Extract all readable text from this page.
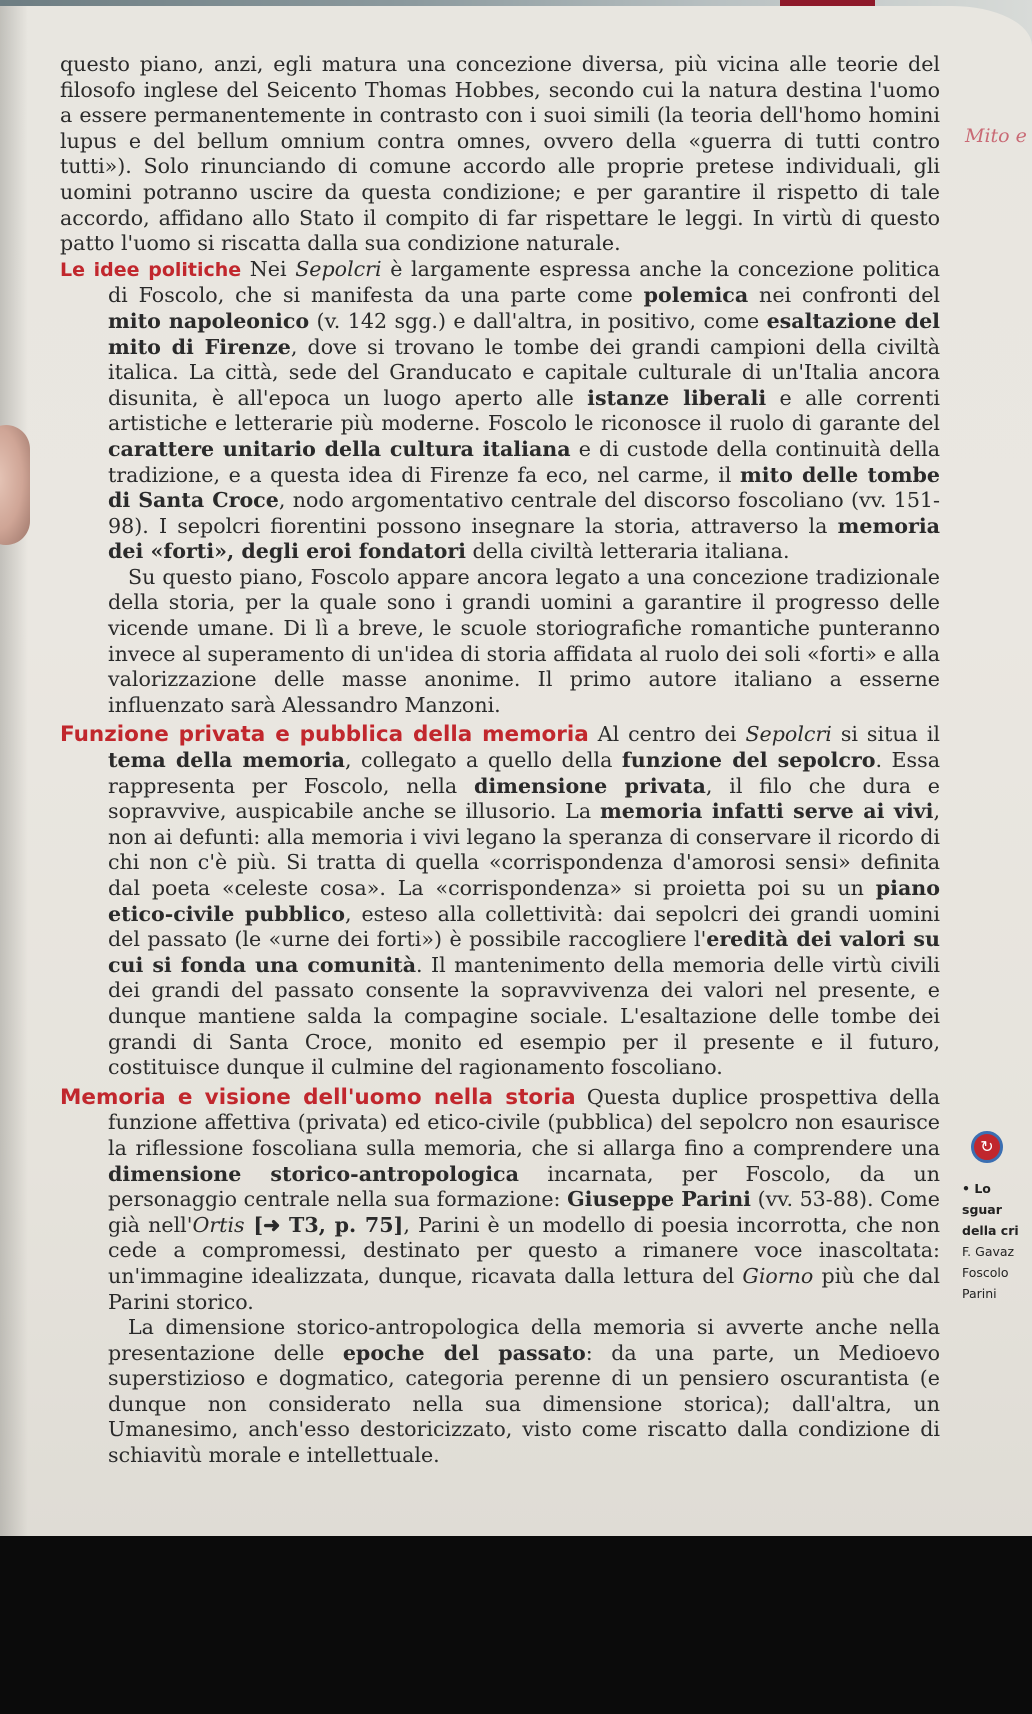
Mito e

questo piano, anzi, egli matura una concezione diversa, più vicina alle teorie del filosofo inglese del Seicento Thomas Hobbes, secondo cui la natura destina l'uomo a essere permanentemente in contrasto con i suoi simili (la teoria dell'homo homini lupus e del bellum omnium contra omnes, ovvero della «guerra di tutti contro tutti»). Solo rinunciando di comune accordo alle proprie pretese individuali, gli uomini potranno uscire da questa condizione; e per garantire il rispetto di tale accordo, affidano allo Stato il compito di far rispettare le leggi. In virtù di questo patto l'uomo si riscatta dalla sua condizione naturale.

Le idee politiche Nei Sepolcri è largamente espressa anche la concezione politica di Foscolo, che si manifesta da una parte come polemica nei confronti del mito napoleonico (v. 142 sgg.) e dall'altra, in positivo, come esaltazione del mito di Firenze, dove si trovano le tombe dei grandi campioni della civiltà italica. La città, sede del Granducato e capitale culturale di un'Italia ancora disunita, è all'epoca un luogo aperto alle istanze liberali e alle correnti artistiche e letterarie più moderne. Foscolo le riconosce il ruolo di garante del carattere unitario della cultura italiana e di custode della continuità della tradizione, e a questa idea di Firenze fa eco, nel carme, il mito delle tombe di Santa Croce, nodo argomentativo centrale del discorso foscoliano (vv. 151-98). I sepolcri fiorentini possono insegnare la storia, attraverso la memoria dei «forti», degli eroi fondatori della civiltà letteraria italiana.

Su questo piano, Foscolo appare ancora legato a una concezione tradizionale della storia, per la quale sono i grandi uomini a garantire il progresso delle vicende umane. Di lì a breve, le scuole storiografiche romantiche punteranno invece al superamento di un'idea di storia affidata al ruolo dei soli «forti» e alla valorizzazione delle masse anonime. Il primo autore italiano a esserne influenzato sarà Alessandro Manzoni.

Funzione privata e pubblica della memoria Al centro dei Sepolcri si situa il tema della memoria, collegato a quello della funzione del sepolcro. Essa rappresenta per Foscolo, nella dimensione privata, il filo che dura e sopravvive, auspicabile anche se illusorio. La memoria infatti serve ai vivi, non ai defunti: alla memoria i vivi legano la speranza di conservare il ricordo di chi non c'è più. Si tratta di quella «corrispondenza d'amorosi sensi» definita dal poeta «celeste cosa». La «corrispondenza» si proietta poi su un piano etico-civile pubblico, esteso alla collettività: dai sepolcri dei grandi uomini del passato (le «urne dei forti») è possibile raccogliere l'eredità dei valori su cui si fonda una comunità. Il mantenimento della memoria delle virtù civili dei grandi del passato consente la sopravvivenza dei valori nel presente, e dunque mantiene salda la compagine sociale. L'esaltazione delle tombe dei grandi di Santa Croce, monito ed esempio per il presente e il futuro, costituisce dunque il culmine del ragionamento foscoliano.

Memoria e visione dell'uomo nella storia Questa duplice prospettiva della funzione affettiva (privata) ed etico-civile (pubblica) del sepolcro non esaurisce la riflessione foscoliana sulla memoria, che si allarga fino a comprendere una dimensione storico-antropologica incarnata, per Foscolo, da un personaggio centrale nella sua formazione: Giuseppe Parini (vv. 53-88). Come già nell'Ortis [➜ T3, p. 75], Parini è un modello di poesia incorrotta, che non cede a compromessi, destinato per questo a rimanere voce inascoltata: un'immagine idealizzata, dunque, ricavata dalla lettura del Giorno più che dal Parini storico.

La dimensione storico-antropologica della memoria si avverte anche nella presentazione delle epoche del passato: da una parte, un Medioevo superstizioso e dogmatico, categoria perenne di un pensiero oscurantista (e dunque non considerato nella sua dimensione storica); dall'altra, un Umanesimo, anch'esso destoricizzato, visto come riscatto dalla condizione di schiavitù morale e intellettuale.

↻
• Lo sguar
della cri
F. Gavaz
Foscolo
Parini
